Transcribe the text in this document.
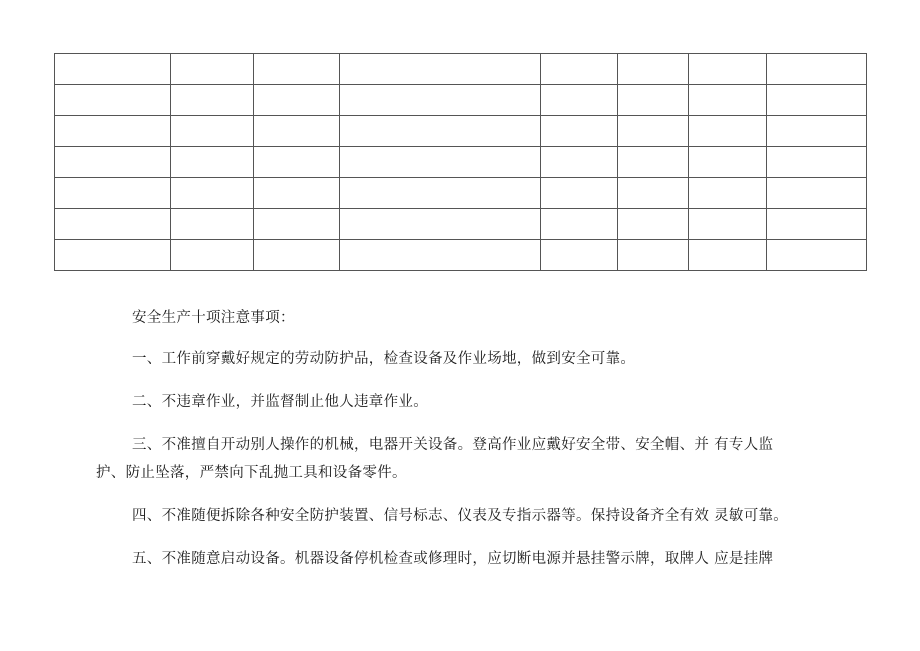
安全生产十项注意事项：
一、工作前穿戴好规定的劳动防护品，检查设备及作业场地，做到安全可靠。
二、不违章作业，并监督制止他人违章作业。
三、不准擅自开动别人操作的机械，电器开关设备。登高作业应戴好安全带、安全帽、并 有专人监
护、防止坠落，严禁向下乱抛工具和设备零件。
四、不准随便拆除各种安全防护装置、信号标志、仪表及专指示器等。保持设备齐全有效 灵敏可靠。
五、不准随意启动设备。机器设备停机检查或修理时，应切断电源并悬挂警示牌，取牌人 应是挂牌
